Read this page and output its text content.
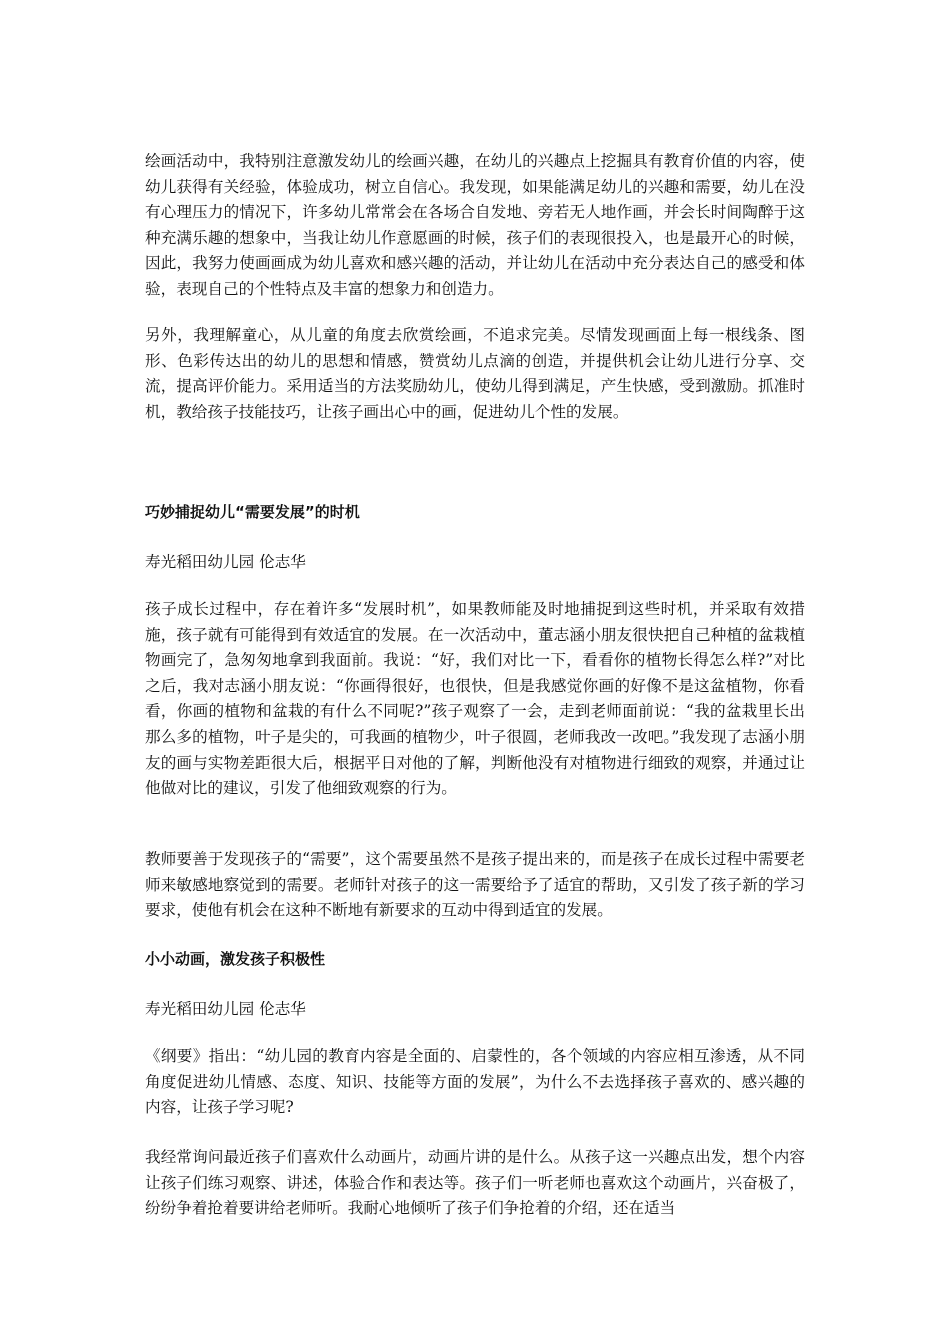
绘画活动中，我特别注意激发幼儿的绘画兴趣，在幼儿的兴趣点上挖掘具有教育价值的内容，使幼儿获得有关经验，体验成功，树立自信心。我发现，如果能满足幼儿的兴趣和需要，幼儿在没有心理压力的情况下，许多幼儿常常会在各场合自发地、旁若无人地作画，并会长时间陶醉于这种充满乐趣的想象中，当我让幼儿作意愿画的时候，孩子们的表现很投入，也是最开心的时候，因此，我努力使画画成为幼儿喜欢和感兴趣的活动，并让幼儿在活动中充分表达自己的感受和体验，表现自己的个性特点及丰富的想象力和创造力。

另外，我理解童心，从儿童的角度去欣赏绘画，不追求完美。尽情发现画面上每一根线条、图形、色彩传达出的幼儿的思想和情感，赞赏幼儿点滴的创造，并提供机会让幼儿进行分享、交流，提高评价能力。采用适当的方法奖励幼儿，使幼儿得到满足，产生快感，受到激励。抓准时机，教给孩子技能技巧，让孩子画出心中的画，促进幼儿个性的发展。

巧妙捕捉幼儿“需要发展”的时机

寿光稻田幼儿园 伦志华

孩子成长过程中，存在着许多“发展时机”，如果教师能及时地捕捉到这些时机，并采取有效措施，孩子就有可能得到有效适宜的发展。在一次活动中，董志涵小朋友很快把自己种植的盆栽植物画完了，急匆匆地拿到我面前。我说：“好，我们对比一下，看看你的植物长得怎么样?”对比之后，我对志涵小朋友说：“你画得很好，也很快，但是我感觉你画的好像不是这盆植物，你看看，你画的植物和盆栽的有什么不同呢?”孩子观察了一会，走到老师面前说：“我的盆栽里长出那么多的植物，叶子是尖的，可我画的植物少，叶子很圆，老师我改一改吧。”我发现了志涵小朋友的画与实物差距很大后，根据平日对他的了解，判断他没有对植物进行细致的观察，并通过让他做对比的建议，引发了他细致观察的行为。

教师要善于发现孩子的“需要”，这个需要虽然不是孩子提出来的，而是孩子在成长过程中需要老师来敏感地察觉到的需要。老师针对孩子的这一需要给予了适宜的帮助，又引发了孩子新的学习要求，使他有机会在这种不断地有新要求的互动中得到适宜的发展。

小小动画，激发孩子积极性

寿光稻田幼儿园 伦志华

《纲要》指出：“幼儿园的教育内容是全面的、启蒙性的，各个领域的内容应相互渗透，从不同角度促进幼儿情感、态度、知识、技能等方面的发展”，为什么不去选择孩子喜欢的、感兴趣的内容，让孩子学习呢?

我经常询问最近孩子们喜欢什么动画片，动画片讲的是什么。从孩子这一兴趣点出发，想个内容让孩子们练习观察、讲述，体验合作和表达等。孩子们一听老师也喜欢这个动画片，兴奋极了，纷纷争着抢着要讲给老师听。我耐心地倾听了孩子们争抢着的介绍，还在适当
